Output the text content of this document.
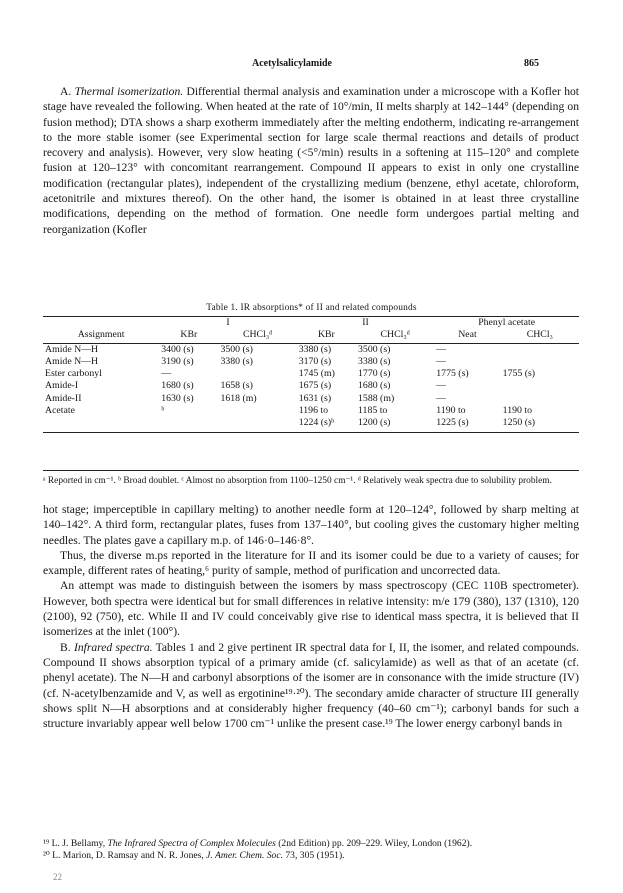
Acetylsalicylamide	865

A. Thermal isomerization. Differential thermal analysis and examination under a microscope with a Kofler hot stage have revealed the following. When heated at the rate of 10°/min, II melts sharply at 142–144° (depending on fusion method); DTA shows a sharp exotherm immediately after the melting endotherm, indicating re-arrangement to the more stable isomer (see Experimental section for large scale thermal reactions and details of product recovery and analysis). However, very slow heating (<5°/min) results in a softening at 115–120° and complete fusion at 120–123° with concomitant rearrangement. Compound II appears to exist in only one crystalline modification (rectangular plates), independent of the crystallizing medium (benzene, ethyl acetate, chloroform, acetonitrile and mixtures thereof). On the other hand, the isomer is obtained in at least three crystalline modifications, depending on the method of formation. One needle form undergoes partial melting and reorganization (Kofler

Table 1. IR absorptions* of II and related compounds

	I		II		Phenyl acetate	
Assignment	KBr	CHCl₃ᵈ	KBr	CHCl₃ᵈ	Neat	CHCl₃

Amide N—H	3400 (s)	3500 (s)	3380 (s)	3500 (s)	—	
Amide N—H	3190 (s)	3380 (s)	3170 (s)	3380 (s)	—	
Ester carbonyl	—		1745 (m)	1770 (s)	1775 (s)	1755 (s)
Amide-I	1680 (s)	1658 (s)	1675 (s)	1680 (s)	—	
Amide-II	1630 (s)	1618 (m)	1631 (s)	1588 (m)	—	
Acetate	ᵇ		1196 to	1185 to	1190 to	1190 to
			1224 (s)ᵇ	1200 (s)	1225 (s)	1250 (s)

ᵃ Reported in cm⁻¹. ᵇ Broad doublet. ᶜ Almost no absorption from 1100–1250 cm⁻¹. ᵈ Relatively weak spectra due to solubility problem.

hot stage; imperceptible in capillary melting) to another needle form at 120–124°, followed by sharp melting at 140–142°. A third form, rectangular plates, fuses from 137–140°, but cooling gives the customary higher melting needles. The plates gave a capillary m.p. of 146·0–146·8°.

Thus, the diverse m.ps reported in the literature for II and its isomer could be due to a variety of causes; for example, different rates of heating,⁶ purity of sample, method of purification and uncorrected data.

An attempt was made to distinguish between the isomers by mass spectroscopy (CEC 110B spectrometer). However, both spectra were identical but for small differences in relative intensity: m/e 179 (380), 137 (1310), 120 (2100), 92 (750), etc. While II and IV could conceivably give rise to identical mass spectra, it is believed that II isomerizes at the inlet (100°).

B. Infrared spectra. Tables 1 and 2 give pertinent IR spectral data for I, II, the isomer, and related compounds. Compound II shows absorption typical of a primary amide (cf. salicylamide) as well as that of an acetate (cf. phenyl acetate). The N—H and carbonyl absorptions of the isomer are in consonance with the imide structure (IV) (cf. N-acetylbenzamide and V, as well as ergotinine¹⁹·²⁰). The secondary amide character of structure III generally shows split N—H absorptions and at considerably higher frequency (40–60 cm⁻¹); carbonyl bands for such a structure invariably appear well below 1700 cm⁻¹ unlike the present case.¹⁹ The lower energy carbonyl bands in

¹⁹ L. J. Bellamy, The Infrared Spectra of Complex Molecules (2nd Edition) pp. 209–229. Wiley, London (1962).
²⁰ L. Marion, D. Ramsay and N. R. Jones, J. Amer. Chem. Soc. 73, 305 (1951).
22
